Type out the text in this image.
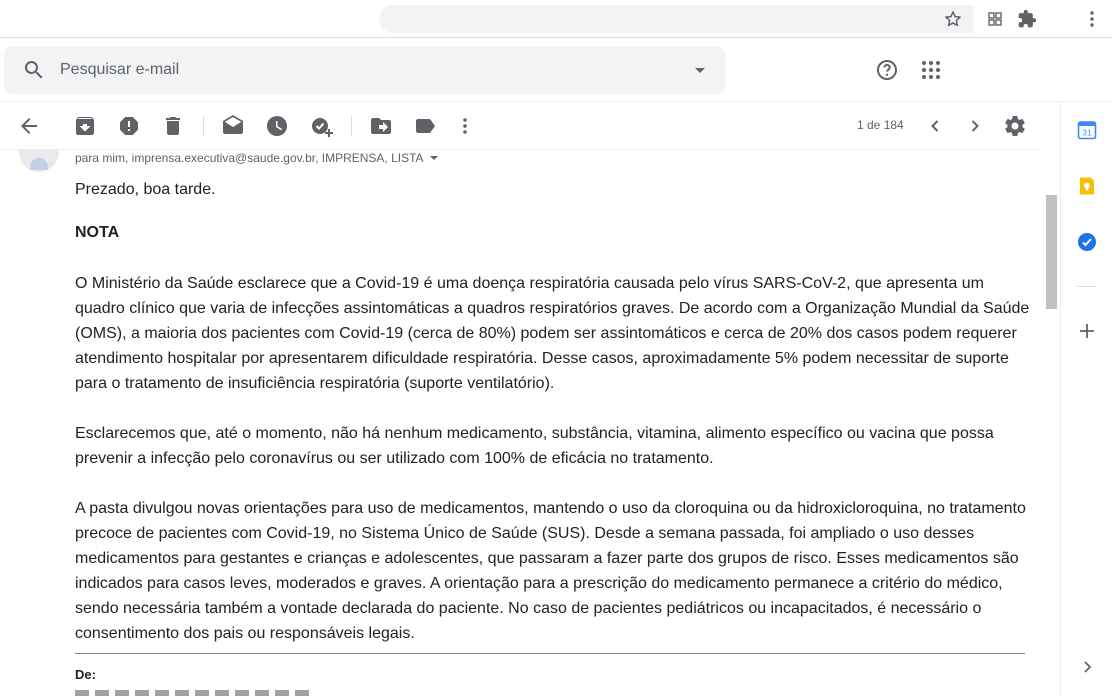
Pesquisar e-mail
1 de 184
para mim, imprensa.executiva@saude.gov.br, IMPRENSA, LISTA

Prezado, boa tarde.

NOTA

O Ministério da Saúde esclarece que a Covid-19 é uma doença respiratória causada pelo vírus SARS-CoV-2, que apresenta um quadro clínico que varia de infecções assintomáticas a quadros respiratórios graves. De acordo com a Organização Mundial da Saúde (OMS), a maioria dos pacientes com Covid-19 (cerca de 80%) podem ser assintomáticos e cerca de 20% dos casos podem requerer atendimento hospitalar por apresentarem dificuldade respiratória. Desse casos, aproximadamente 5% podem necessitar de suporte para o tratamento de insuficiência respiratória (suporte ventilatório).

Esclarecemos que, até o momento, não há nenhum medicamento, substância, vitamina, alimento específico ou vacina que possa prevenir a infecção pelo coronavírus ou ser utilizado com 100% de eficácia no tratamento.

A pasta divulgou novas orientações para uso de medicamentos, mantendo o uso da cloroquina ou da hidroxicloroquina, no tratamento precoce de pacientes com Covid-19, no Sistema Único de Saúde (SUS). Desde a semana passada, foi ampliado o uso desses medicamentos para gestantes e crianças e adolescentes, que passaram a fazer parte dos grupos de risco. Esses medicamentos são indicados para casos leves, moderados e graves. A orientação para a prescrição do medicamento permanece a critério do médico, sendo necessária também a vontade declarada do paciente. No caso de pacientes pediátricos ou incapacitados, é necessário o consentimento dos pais ou responsáveis legais.

De:
31
